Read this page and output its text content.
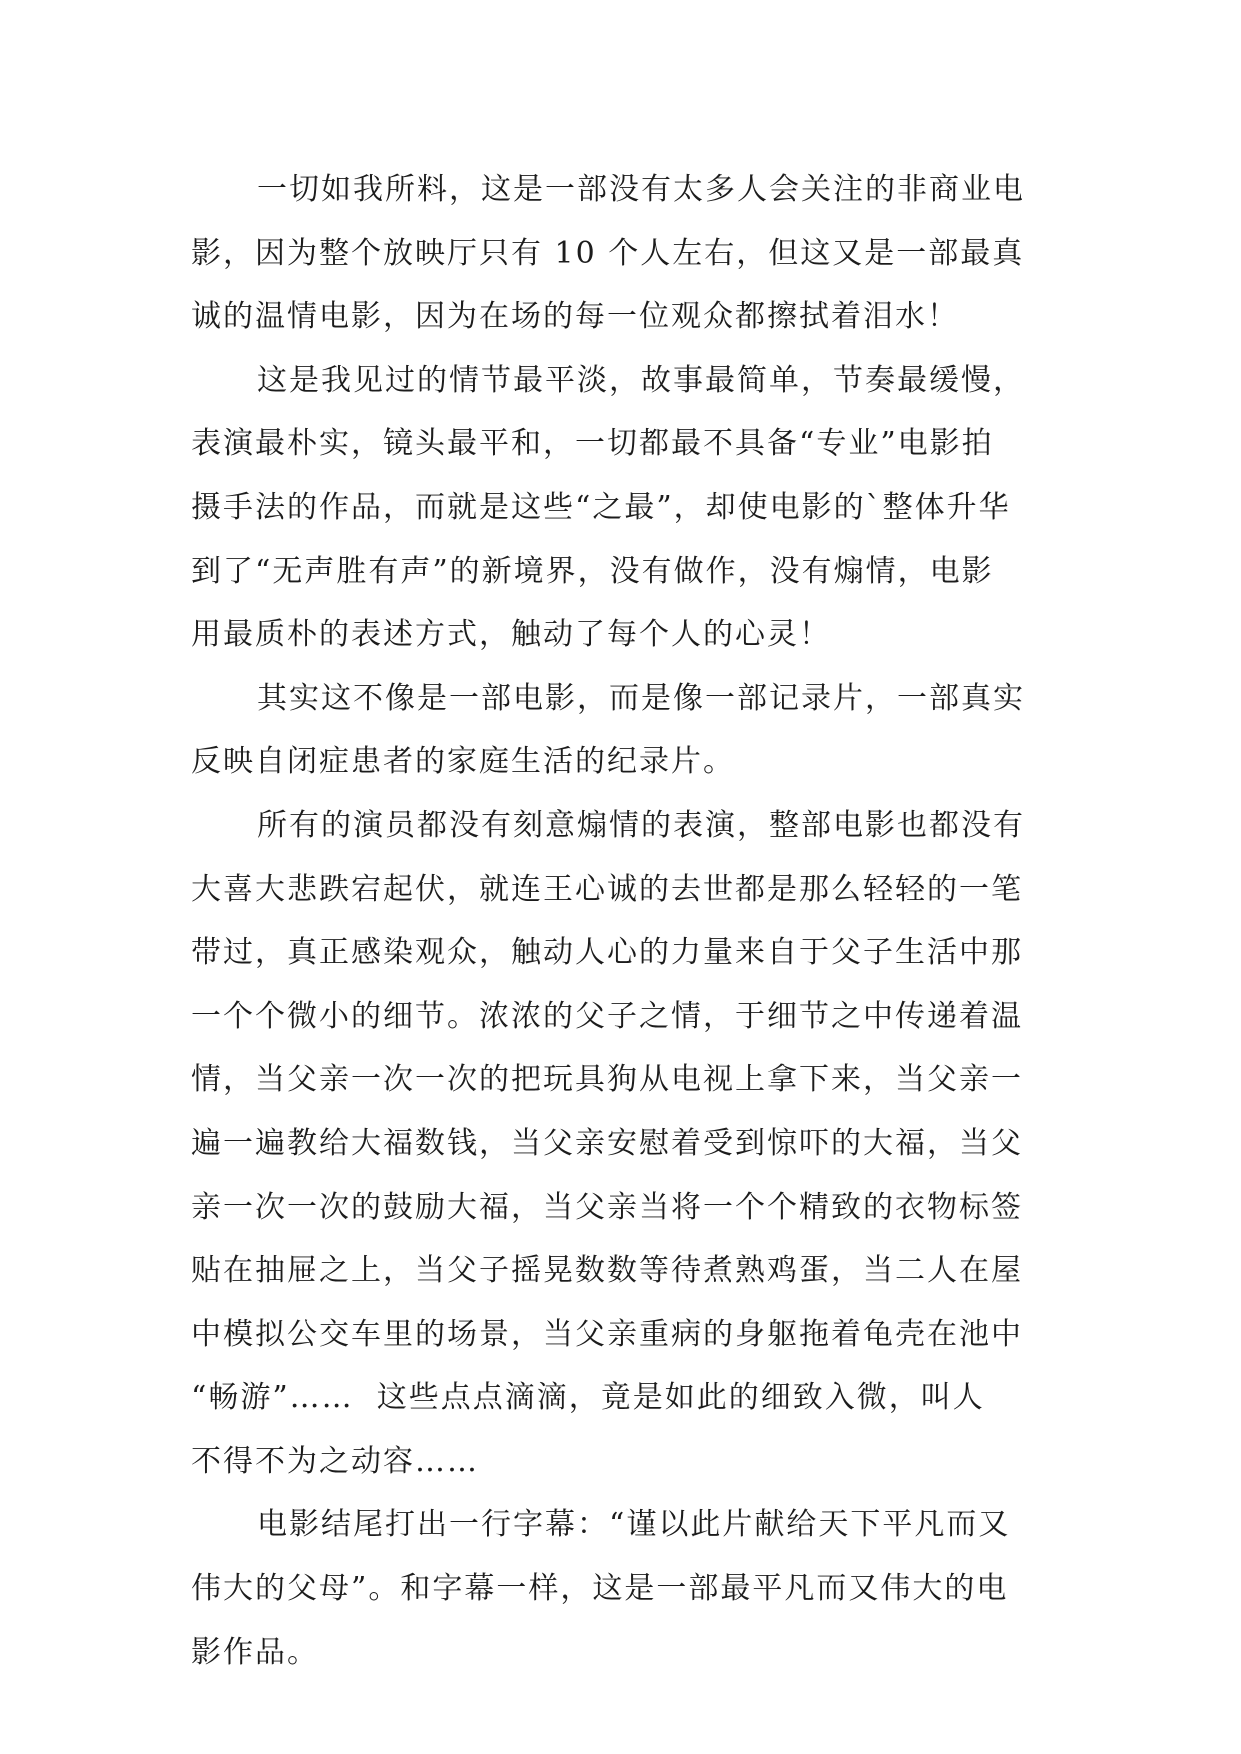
一切如我所料，这是一部没有太多人会关注的非商业电
影，因为整个放映厅只有 10 个人左右，但这又是一部最真
诚的温情电影，因为在场的每一位观众都擦拭着泪水！
这是我见过的情节最平淡，故事最简单，节奏最缓慢，
表演最朴实，镜头最平和，一切都最不具备“专业”电影拍
摄手法的作品，而就是这些“之最”，却使电影的`整体升华
到了“无声胜有声”的新境界，没有做作，没有煽情，电影
用最质朴的表述方式，触动了每个人的心灵！
其实这不像是一部电影，而是像一部记录片，一部真实
反映自闭症患者的家庭生活的纪录片。
所有的演员都没有刻意煽情的表演，整部电影也都没有
大喜大悲跌宕起伏，就连王心诚的去世都是那么轻轻的一笔
带过，真正感染观众，触动人心的力量来自于父子生活中那
一个个微小的细节。浓浓的父子之情，于细节之中传递着温
情，当父亲一次一次的把玩具狗从电视上拿下来，当父亲一
遍一遍教给大福数钱，当父亲安慰着受到惊吓的大福，当父
亲一次一次的鼓励大福，当父亲当将一个个精致的衣物标签
贴在抽屉之上，当父子摇晃数数等待煮熟鸡蛋，当二人在屋
中模拟公交车里的场景，当父亲重病的身躯拖着龟壳在池中
“畅游”……  这些点点滴滴，竟是如此的细致入微，叫人
不得不为之动容……
电影结尾打出一行字幕：“谨以此片献给天下平凡而又
伟大的父母”。和字幕一样，这是一部最平凡而又伟大的电
影作品。
